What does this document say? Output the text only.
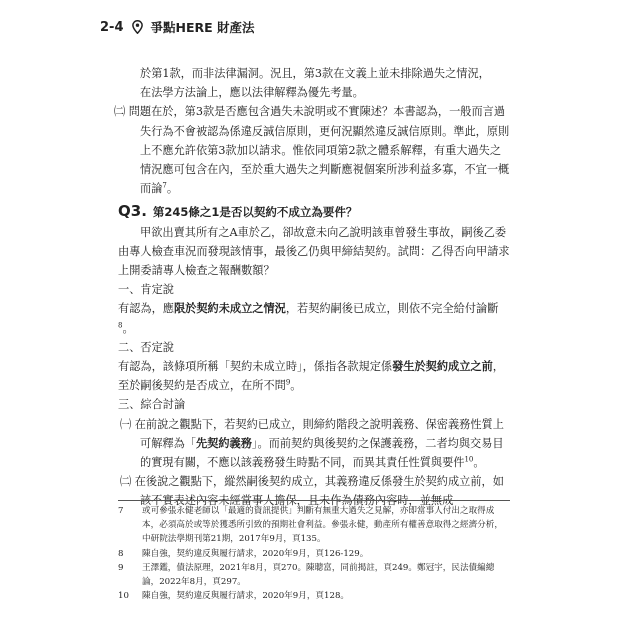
2-4 爭點HERE 財產法

於第1款，而非法律漏洞。況且，第3款在文義上並未排除過失之情況，

在法學方法論上，應以法律解釋為優先考量。

㈡ 問題在於，第3款是否應包含過失未說明或不實陳述？本書認為，一般而言過失行為不會被認為係違反誠信原則，更何況顯然違反誠信原則。準此，原則上不應允許依第3款加以請求。惟依同項第2款之體系解釋，有重大過失之情況應可包含在內，至於重大過失之判斷應視個案所涉利益多寡，不宜一概而論$^7$。

Q3. 第245條之1是否以契約不成立為要件？

甲欲出賣其所有之A車於乙，卻故意未向乙說明該車曾發生事故，嗣後乙委由專人檢查車況而發現該情事，最後乙仍與甲締結契約。試問：乙得否向甲請求上開委請專人檢查之報酬數額？

一、肯定說

有認為，應限於契約未成立之情況，若契約嗣後已成立，則依不完全給付論斷$^8$。

二、否定說

有認為，該條項所稱「契約未成立時」，係指各款規定係發生於契約成立之前，至於嗣後契約是否成立，在所不問$^9$。

三、綜合討論

㈠ 在前說之觀點下，若契約已成立，則締約階段之說明義務、保密義務性質上可解釋為「先契約義務」。而前契約與後契約之保護義務，二者均與交易目的實現有關，不應以該義務發生時點不同，而異其責任性質與要件$^{10}$。

㈡ 在後說之觀點下，縱然嗣後契約成立，其義務違反係發生於契約成立前，如該不實表述內容未經當事人擔保，且未作為債務內容時，並無成

7	或可參張永健老師以「最適的資訊提供」判斷有無重大過失之見解，亦即當事人付出之取得成本，必須高於或等於獲悉所引致的預期社會利益。參張永健，動產所有權善意取得之經濟分析，中研院法學期刊第21期，2017年9月，頁135。
8	陳自強，契約違反與履行請求，2020年9月，頁126-129。
9	王澤鑑，債法原理，2021年8月，頁270。陳聰富，同前揭註，頁249。鄭冠宇，民法債編總論，2022年8月，頁297。
10	陳自強，契約違反與履行請求，2020年9月，頁128。
